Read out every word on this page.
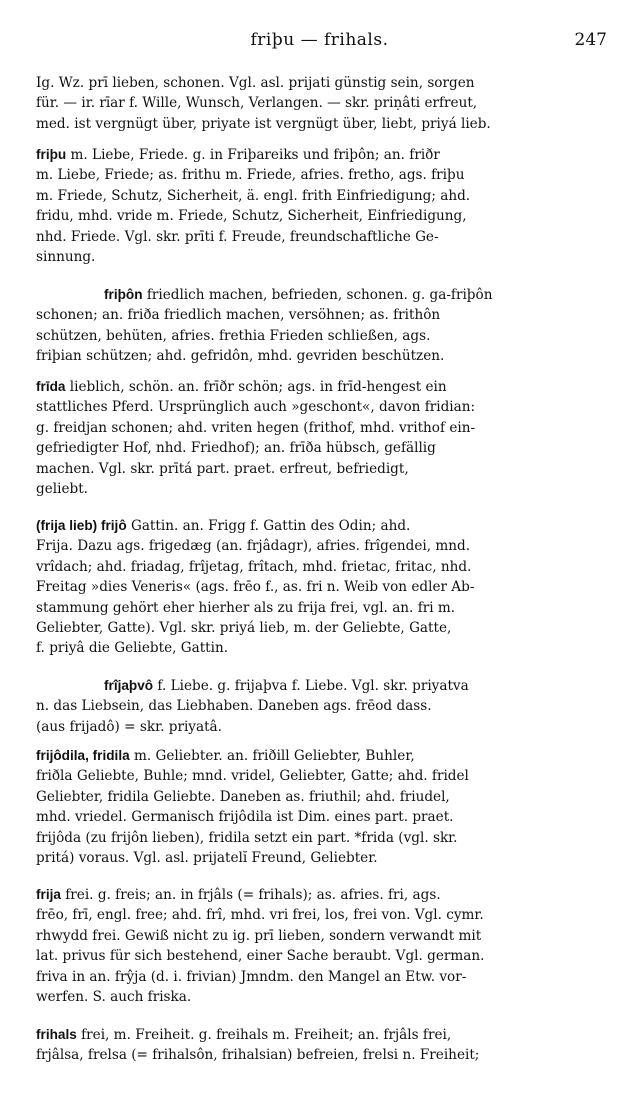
friþu — frihals.	247
Ig. Wz. prī lieben, schonen. Vgl. asl. prijati günstig sein, sorgen
für. — ir. rīar f. Wille, Wunsch, Verlangen. — skr. priṇâti erfreut,
med. ist vergnügt über, priyate ist vergnügt über, liebt, priyá lieb.
friþu m. Liebe, Friede. g. in Friþareiks und friþôn; an. friðr
m. Liebe, Friede; as. frithu m. Friede, afries. fretho, ags. friþu
m. Friede, Schutz, Sicherheit, ä. engl. frith Einfriedigung; ahd.
fridu, mhd. vride m. Friede, Schutz, Sicherheit, Einfriedigung,
nhd. Friede. Vgl. skr. prīti f. Freude, freundschaftliche Ge-
sinnung.
friþôn friedlich machen, befrieden, schonen. g. ga-friþôn
schonen; an. friða friedlich machen, versöhnen; as. frithôn
schützen, behüten, afries. frethia Frieden schließen, ags.
friþian schützen; ahd. gefridôn, mhd. gevriden beschützen.
frīda lieblich, schön. an. frīðr schön; ags. in frīd-hengest ein
stattliches Pferd. Ursprünglich auch »geschont«, davon fridian:
g. freidjan schonen; ahd. vriten hegen (frithof, mhd. vrithof ein-
gefriedigter Hof, nhd. Friedhof); an. frīða hübsch, gefällig
machen. Vgl. skr. prītá part. praet. erfreut, befriedigt,
geliebt.
(frija lieb) frijô Gattin. an. Frigg f. Gattin des Odin; ahd.
Frija. Dazu ags. frigedæg (an. frjâdagr), afries. frîgendei, mnd.
vrîdach; ahd. friadag, frîjetag, frîtach, mhd. frietac, fritac, nhd.
Freitag »dies Veneris« (ags. frēo f., as. fri n. Weib von edler Ab-
stammung gehört eher hierher als zu frija frei, vgl. an. fri m.
Geliebter, Gatte). Vgl. skr. priyá lieb, m. der Geliebte, Gatte,
f. priyâ die Geliebte, Gattin.
frîjaþvô f. Liebe. g. frijaþva f. Liebe. Vgl. skr. priyatva
n. das Liebsein, das Liebhaben. Daneben ags. frēod dass.
(aus frijadô) = skr. priyatâ.
frijôdila, fridila m. Geliebter. an. friðill Geliebter, Buhler,
friðla Geliebte, Buhle; mnd. vridel, Geliebter, Gatte; ahd. fridel
Geliebter, fridila Geliebte. Daneben as. friuthil; ahd. friudel,
mhd. vriedel. Germanisch frijôdila ist Dim. eines part. praet.
frijôda (zu frijôn lieben), fridila setzt ein part. *frida (vgl. skr.
pritá) voraus. Vgl. asl. prijatelĭ Freund, Geliebter.
frija frei. g. freis; an. in frjâls (= frihals); as. afries. fri, ags.
frēo, frī, engl. free; ahd. frî, mhd. vri frei, los, frei von. Vgl. cymr.
rhwydd frei. Gewiß nicht zu ig. prī lieben, sondern verwandt mit
lat. privus für sich bestehend, einer Sache beraubt. Vgl. german.
friva in an. frŷja (d. i. frivian) Jmndm. den Mangel an Etw. vor-
werfen. S. auch friska.
frihals frei, m. Freiheit. g. freihals m. Freiheit; an. frjâls frei,
frjâlsa, frelsa (= frihalsôn, frihalsian) befreien, frelsi n. Freiheit;
